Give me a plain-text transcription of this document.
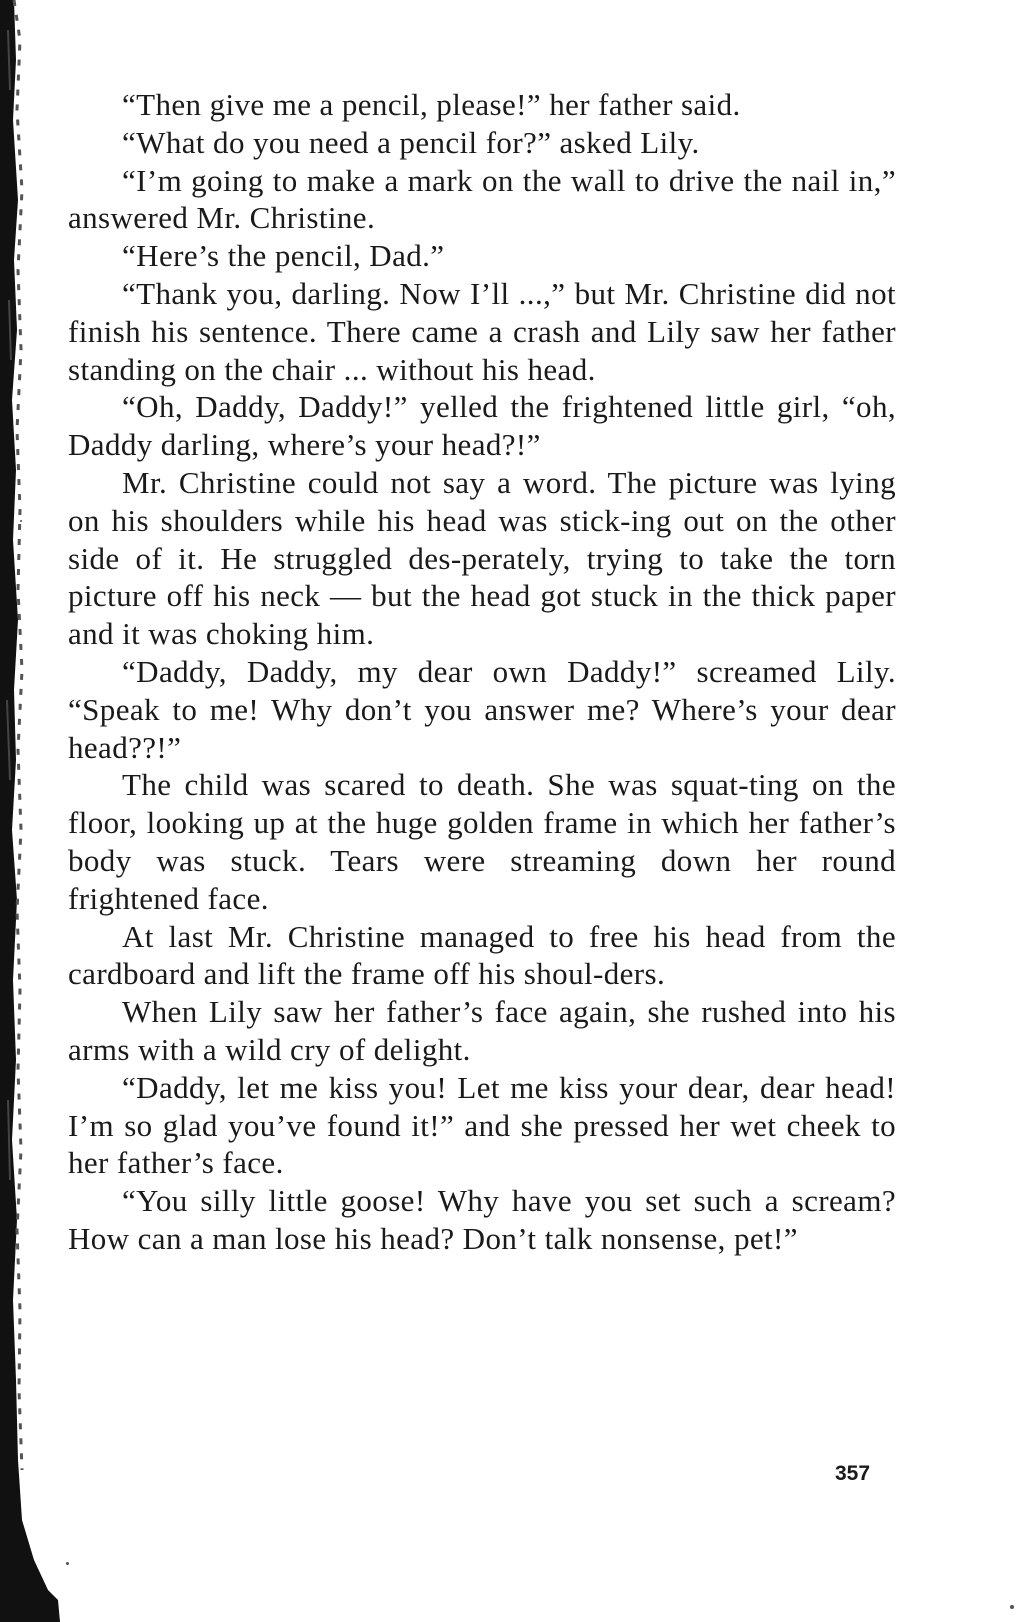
“Then give me a pencil, please!” her father said.

“What do you need a pencil for?” asked Lily.

“I’m going to make a mark on the wall to drive the nail in,” answered Mr. Christine.

“Here’s the pencil, Dad.”

“Thank you, darling. Now I’ll ...,” but Mr. Christine did not finish his sentence. There came a crash and Lily saw her father standing on the chair ... without his head.

“Oh, Daddy, Daddy!” yelled the frightened little girl, “oh, Daddy darling, where’s your head?!”

Mr. Christine could not say a word. The picture was lying on his shoulders while his head was stick-ing out on the other side of it. He struggled des-perately, trying to take the torn picture off his neck — but the head got stuck in the thick paper and it was choking him.

“Daddy, Daddy, my dear own Daddy!” screamed Lily. “Speak to me! Why don’t you answer me? Where’s your dear head??!”

The child was scared to death. She was squat-ting on the floor, looking up at the huge golden frame in which her father’s body was stuck. Tears were streaming down her round frightened face.

At last Mr. Christine managed to free his head from the cardboard and lift the frame off his shoul-ders.

When Lily saw her father’s face again, she rushed into his arms with a wild cry of delight.

“Daddy, let me kiss you! Let me kiss your dear, dear head! I’m so glad you’ve found it!” and she pressed her wet cheek to her father’s face.

“You silly little goose! Why have you set such a scream? How can a man lose his head? Don’t talk nonsense, pet!”

357
